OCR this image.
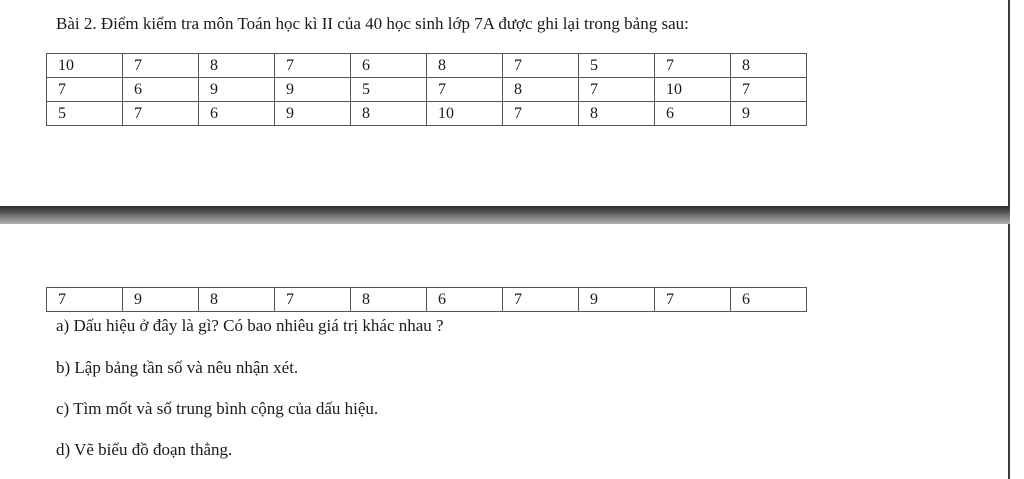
Bài 2. Điểm kiểm tra môn Toán học kì II của 40 học sinh lớp 7A được ghi lại trong bảng sau:
10	7	8	7	6	8	7	5	7	8
7	6	9	9	5	7	8	7	10	7
5	7	6	9	8	10	7	8	6	9
7	9	8	7	8	6	7	9	7	6
a) Dấu hiệu ở đây là gì? Có bao nhiêu giá trị khác nhau ?
b) Lập bảng tần số và nêu nhận xét.
c) Tìm mốt và số trung bình cộng của dấu hiệu.
d) Vẽ biểu đồ đoạn thẳng.
